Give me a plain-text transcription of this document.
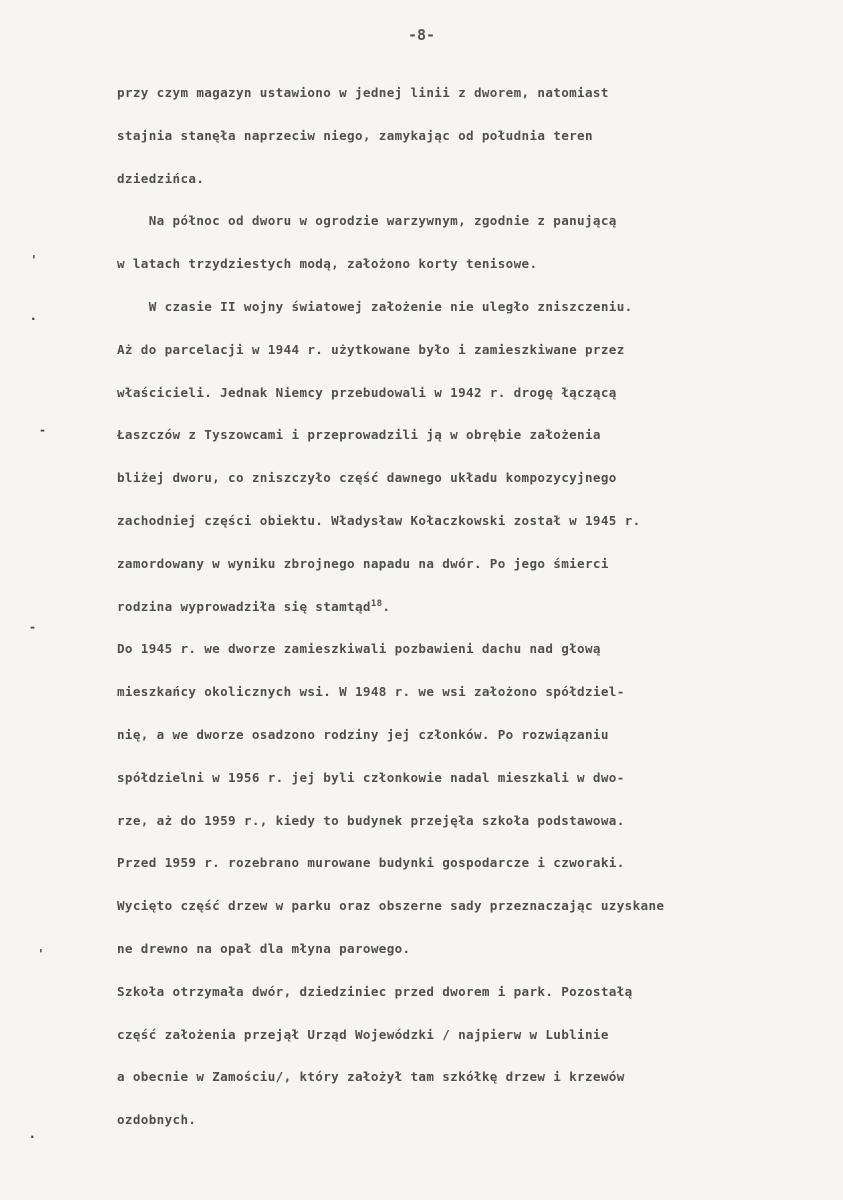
-8-
'
·
-
-
'
·
przy czym magazyn ustawiono w jednej linii z dworem, natomiast
stajnia stanęła naprzeciw niego, zamykając od południa teren
dziedzińca.
Na północ od dworu w ogrodzie warzywnym, zgodnie z panującą
w latach trzydziestych modą, założono korty tenisowe.
W czasie II wojny światowej założenie nie uległo zniszczeniu.
Aż do parcelacji w 1944 r. użytkowane było i zamieszkiwane przez
właścicieli. Jednak Niemcy przebudowali w 1942 r. drogę łączącą
Łaszczów z Tyszowcami i przeprowadzili ją w obrębie założenia
bliżej dworu, co zniszczyło część dawnego układu kompozycyjnego
zachodniej części obiektu. Władysław Kołaczkowski został w 1945 r.
zamordowany w wyniku zbrojnego napadu na dwór. Po jego śmierci
rodzina wyprowadziła się stamtąd$^{18}$.
Do 1945 r. we dworze zamieszkiwali pozbawieni dachu nad głową
mieszkańcy okolicznych wsi. W 1948 r. we wsi założono spółdziel-
nię, a we dworze osadzono rodziny jej członków. Po rozwiązaniu
spółdzielni w 1956 r. jej byli członkowie nadal mieszkali w dwo-
rze, aż do 1959 r., kiedy to budynek przejęła szkoła podstawowa.
Przed 1959 r. rozebrano murowane budynki gospodarcze i czworaki.
Wycięto część drzew w parku oraz obszerne sady przeznaczając uzyskane
ne drewno na opał dla młyna parowego.
Szkoła otrzymała dwór, dziedziniec przed dworem i park. Pozostałą
część założenia przejął Urząd Wojewódzki / najpierw w Lublinie
a obecnie w Zamościu/, który założył tam szkółkę drzew i krzewów
ozdobnych.
